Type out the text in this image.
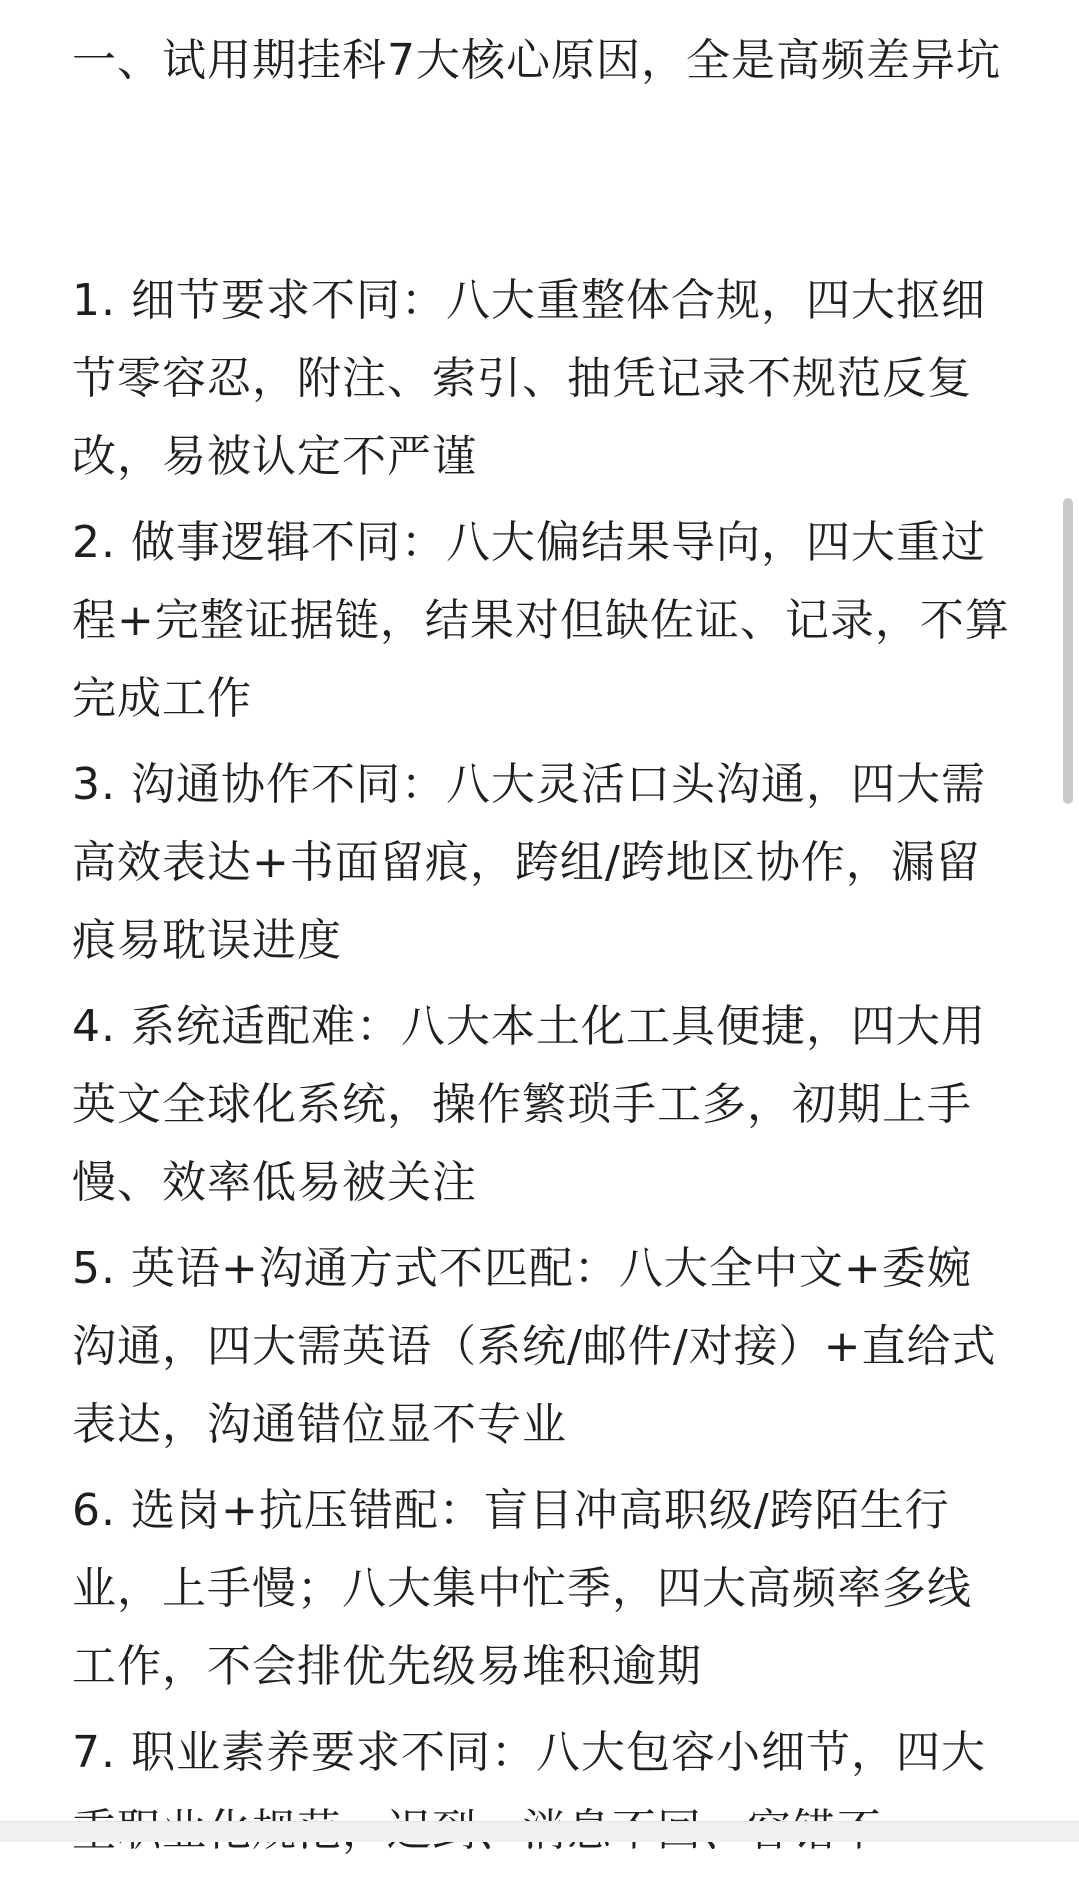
一、试用期挂科7大核心原因，全是高频差异坑

1. 细节要求不同：八大重整体合规，四大抠细节零容忍，附注、索引、抽凭记录不规范反复改，易被认定不严谨

2. 做事逻辑不同：八大偏结果导向，四大重过程+完整证据链，结果对但缺佐证、记录，不算完成工作

3. 沟通协作不同：八大灵活口头沟通，四大需高效表达+书面留痕，跨组/跨地区协作，漏留痕易耽误进度

4. 系统适配难：八大本土化工具便捷，四大用英文全球化系统，操作繁琐手工多，初期上手慢、效率低易被关注

5. 英语+沟通方式不匹配：八大全中文+委婉沟通，四大需英语（系统/邮件/对接）+直给式表达，沟通错位显不专业

6. 选岗+抗压错配：盲目冲高职级/跨陌生行业，上手慢；八大集中忙季，四大高频率多线工作，不会排优先级易堆积逾期

7. 职业素养要求不同：八大包容小细节，四大
